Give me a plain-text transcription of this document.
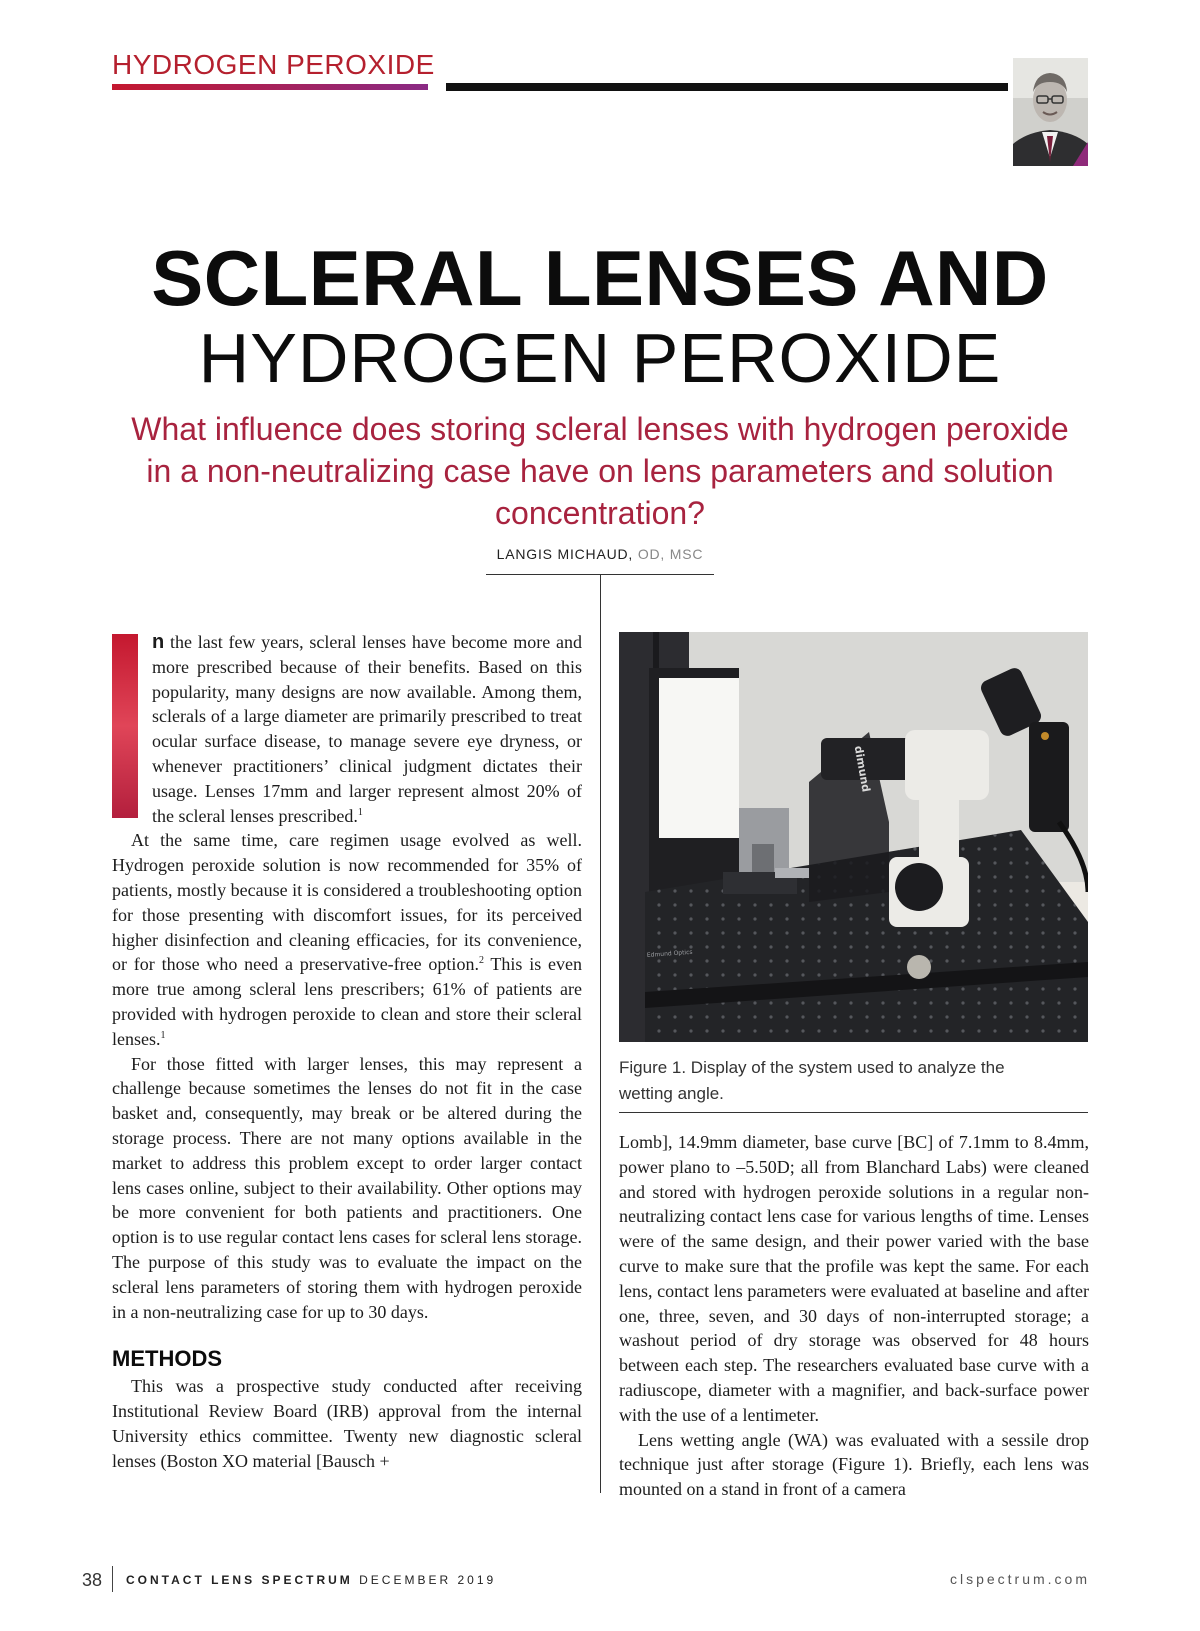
HYDROGEN PEROXIDE
SCLERAL LENSES AND
HYDROGEN PEROXIDE
What influence does storing scleral lenses with hydrogen peroxide in a non-neutralizing case have on lens parameters and solution concentration?
LANGIS MICHAUD, OD, MSC

n the last few years, scleral lenses have become more and more prescribed because of their benefits. Based on this popularity, many designs are now available. Among them, sclerals of a large diameter are primarily prescribed to treat ocular surface disease, to manage severe eye dryness, or whenever practitioners’ clinical judgment dictates their usage. Lenses 17mm and larger represent almost 20% of the scleral lenses prescribed.$^1$

At the same time, care regimen usage evolved as well. Hydrogen peroxide solution is now recommended for 35% of patients, mostly because it is considered a troubleshooting option for those presenting with discomfort issues, for its perceived higher disinfection and cleaning efficacies, for its convenience, or for those who need a preservative-free option.$^2$ This is even more true among scleral lens prescribers; 61% of patients are provided with hydrogen peroxide to clean and store their scleral lenses.$^1$

For those fitted with larger lenses, this may represent a challenge because sometimes the lenses do not fit in the case basket and, consequently, may break or be altered during the storage process. There are not many options available in the market to address this problem except to order larger contact lens cases online, subject to their availability. Other options may be more convenient for both patients and practitioners. One option is to use regular contact lens cases for scleral lens storage. The purpose of this study was to evaluate the impact on the scleral lens parameters of storing them with hydrogen peroxide in a non-neutralizing case for up to 30 days.

METHODS

This was a prospective study conducted after receiving Institutional Review Board (IRB) approval from the internal University ethics committee. Twenty new diagnostic scleral lenses (Boston XO material [Bausch +

dimund
Edmund Optics
Figure 1. Display of the system used to analyze the wetting angle.

Lomb], 14.9mm diameter, base curve [BC] of 7.1mm to 8.4mm, power plano to –5.50D; all from Blanchard Labs) were cleaned and stored with hydrogen peroxide solutions in a regular non-neutralizing contact lens case for various lengths of time. Lenses were of the same design, and their power varied with the base curve to make sure that the profile was kept the same. For each lens, contact lens parameters were evaluated at baseline and after one, three, seven, and 30 days of non-interrupted storage; a washout period of dry storage was observed for 48 hours between each step. The researchers evaluated base curve with a radiuscope, diameter with a magnifier, and back-surface power with the use of a lentimeter.

Lens wetting angle (WA) was evaluated with a sessile drop technique just after storage (Figure 1). Briefly, each lens was mounted on a stand in front of a camera

38 CONTACT LENS SPECTRUM DECEMBER 2019	clspectrum.com
